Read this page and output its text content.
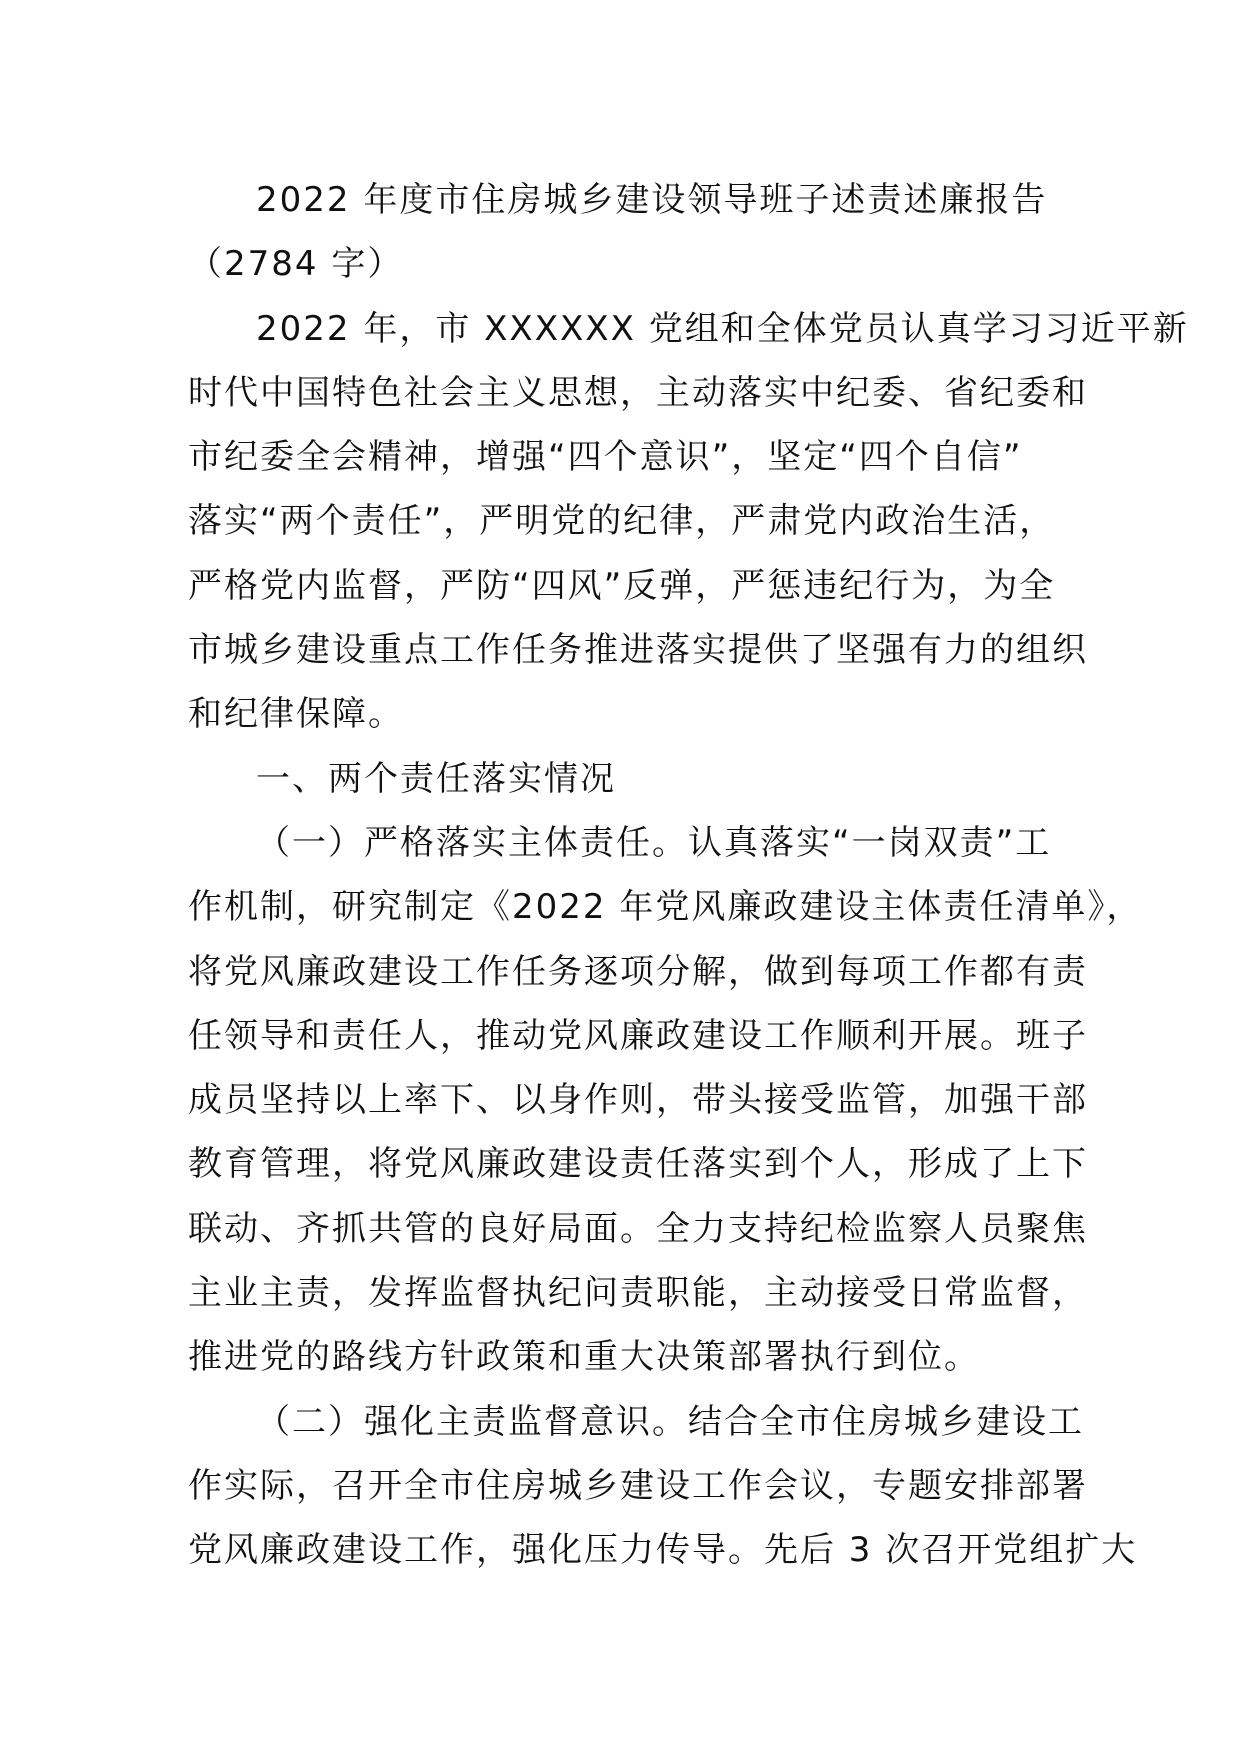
2022 年度市住房城乡建设领导班子述责述廉报告
（2784 字）
2022 年，市 XXXXXX 党组和全体党员认真学习习近平新
时代中国特色社会主义思想，主动落实中纪委、省纪委和
市纪委全会精神，增强“四个意识”，坚定“四个自信”
落实“两个责任”，严明党的纪律，严肃党内政治生活，
严格党内监督，严防“四风”反弹，严惩违纪行为，为全
市城乡建设重点工作任务推进落实提供了坚强有力的组织
和纪律保障。
一、两个责任落实情况
（一）严格落实主体责任。认真落实“一岗双责”工
作机制，研究制定《2022 年党风廉政建设主体责任清单》，
将党风廉政建设工作任务逐项分解，做到每项工作都有责
任领导和责任人，推动党风廉政建设工作顺利开展。班子
成员坚持以上率下、以身作则，带头接受监管，加强干部
教育管理，将党风廉政建设责任落实到个人，形成了上下
联动、齐抓共管的良好局面。全力支持纪检监察人员聚焦
主业主责，发挥监督执纪问责职能，主动接受日常监督，
推进党的路线方针政策和重大决策部署执行到位。
（二）强化主责监督意识。结合全市住房城乡建设工
作实际，召开全市住房城乡建设工作会议，专题安排部署
党风廉政建设工作，强化压力传导。先后 3 次召开党组扩大
